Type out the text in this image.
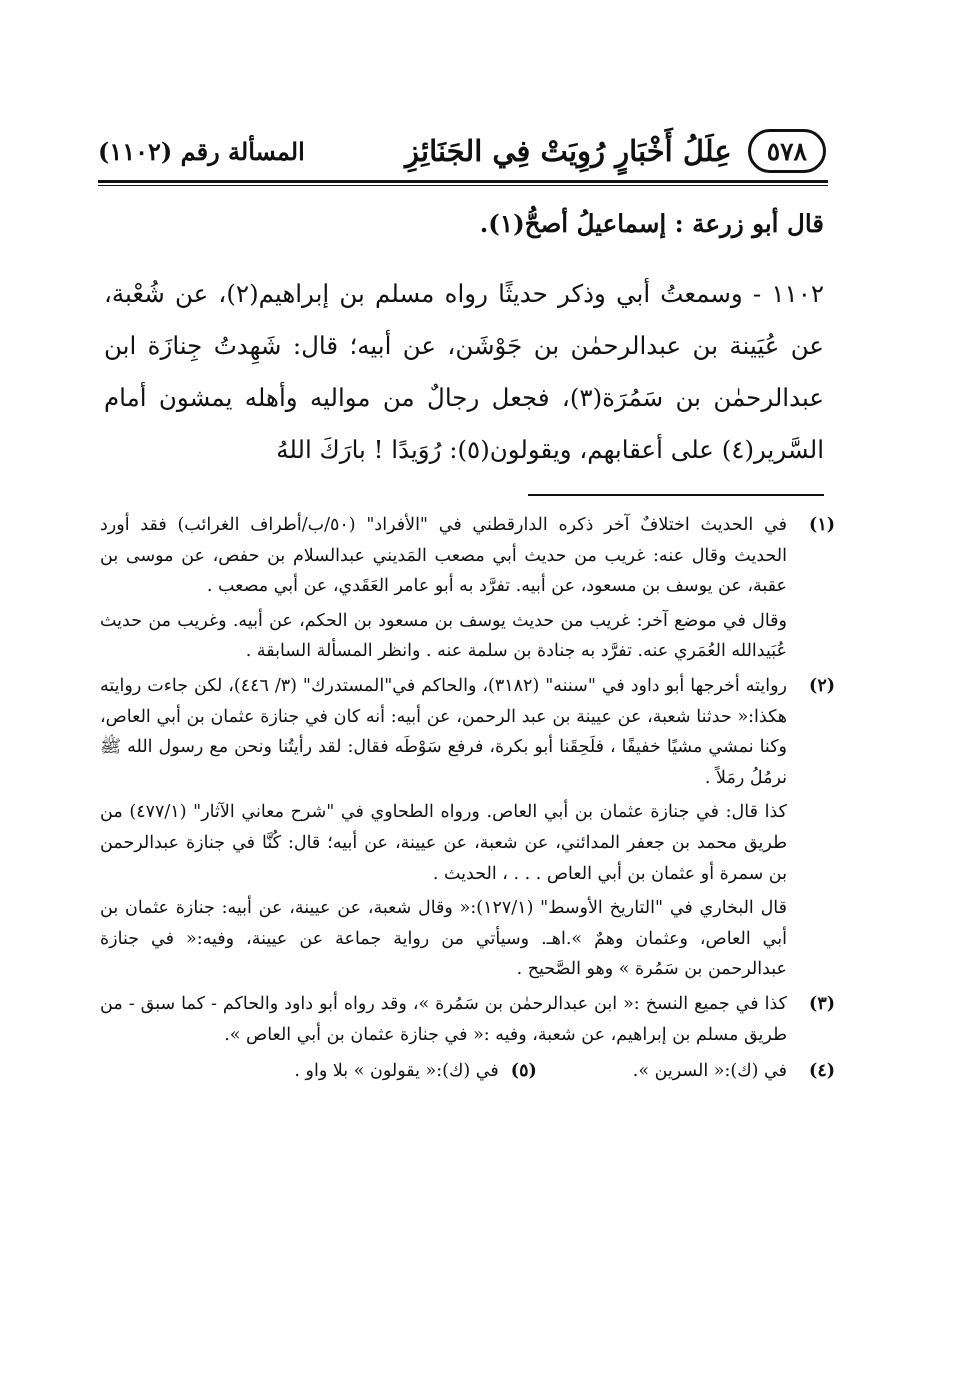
٥٧٨
عِلَلُ أَخْبَارٍ رُوِيَتْ فِي الجَنَائِزِ
المسألة رقم (١١٠٢)

قال أبو زرعة : إسماعيلُ أصحُّ(١).

١١٠٢ - وسمعتُ أبي وذكر حديثًا رواه مسلم بن إبراهيم(٢)، عن شُعْبة، عن عُيَينة بن عبدالرحمٰن بن جَوْشَن، عن أبيه؛ قال: شَهِدتُ جِنازَة ابن عبدالرحمٰن بن سَمُرَة(٣)، فجعل رجالٌ من مواليه وأهله يمشون أمام السَّرير(٤) على أعقابهم، ويقولون(٥): رُوَيدًا ! بارَكَ اللهُ

(١)

في الحديث اختلافٌ آخر ذكره الدارقطني في "الأفراد" (٥٠/ب/أطراف الغرائب) فقد أورد الحديث وقال عنه: غريب من حديث أبي مصعب المَديني عبدالسلام بن حفص، عن موسى بن عقبة، عن يوسف بن مسعود، عن أبيه. تفرَّد به أبو عامر العَقَدي، عن أبي مصعب .

وقال في موضع آخر: غريب من حديث يوسف بن مسعود بن الحكم، عن أبيه. وغريب من حديث عُبَيدالله العُمَري عنه. تفرَّد به جنادة بن سلمة عنه . وانظر المسألة السابقة .

(٢)

روايته أخرجها أبو داود في "سننه" (٣١٨٢)، والحاكم في"المستدرك" (٣/ ٤٤٦)، لكن جاءت روايته هكذا:« حدثنا شعبة، عن عيينة بن عبد الرحمن، عن أبيه: أنه كان في جنازة عثمان بن أبي العاص، وكنا نمشي مشيًا خفيفًا ، فلَحِقَنا أبو بكرة، فرفع سَوْطَه فقال: لقد رأيتُنا ونحن مع رسول الله ﷺ نرمُلُ رمَلاً .

كذا قال: في جنازة عثمان بن أبي العاص. ورواه الطحاوي في "شرح معاني الآثار" (٤٧٧/١) من طريق محمد بن جعفر المدائني، عن شعبة، عن عيينة، عن أبيه؛ قال: كُنَّا في جنازة عبدالرحمن بن سمرة أو عثمان بن أبي العاص . . . ، الحديث .

قال البخاري في "التاريخ الأوسط" (١٢٧/١):« وقال شعبة، عن عيينة، عن أبيه: جنازة عثمان بن أبي العاص، وعثمان وهمٌ ».اهـ. وسيأتي من رواية جماعة عن عيينة، وفيه:« في جنازة عبدالرحمن بن سَمُرة » وهو الصَّحيح .

(٣)

كذا في جميع النسخ :« ابن عبدالرحمٰن بن سَمُرة »، وقد رواه أبو داود والحاكم - كما سبق - من طريق مسلم بن إبراهيم، عن شعبة، وفيه :« في جنازة عثمان بن أبي العاص ».

(٤)
في (ك):« السرين ».
(٥)
في (ك):« يقولون » بلا واو .
